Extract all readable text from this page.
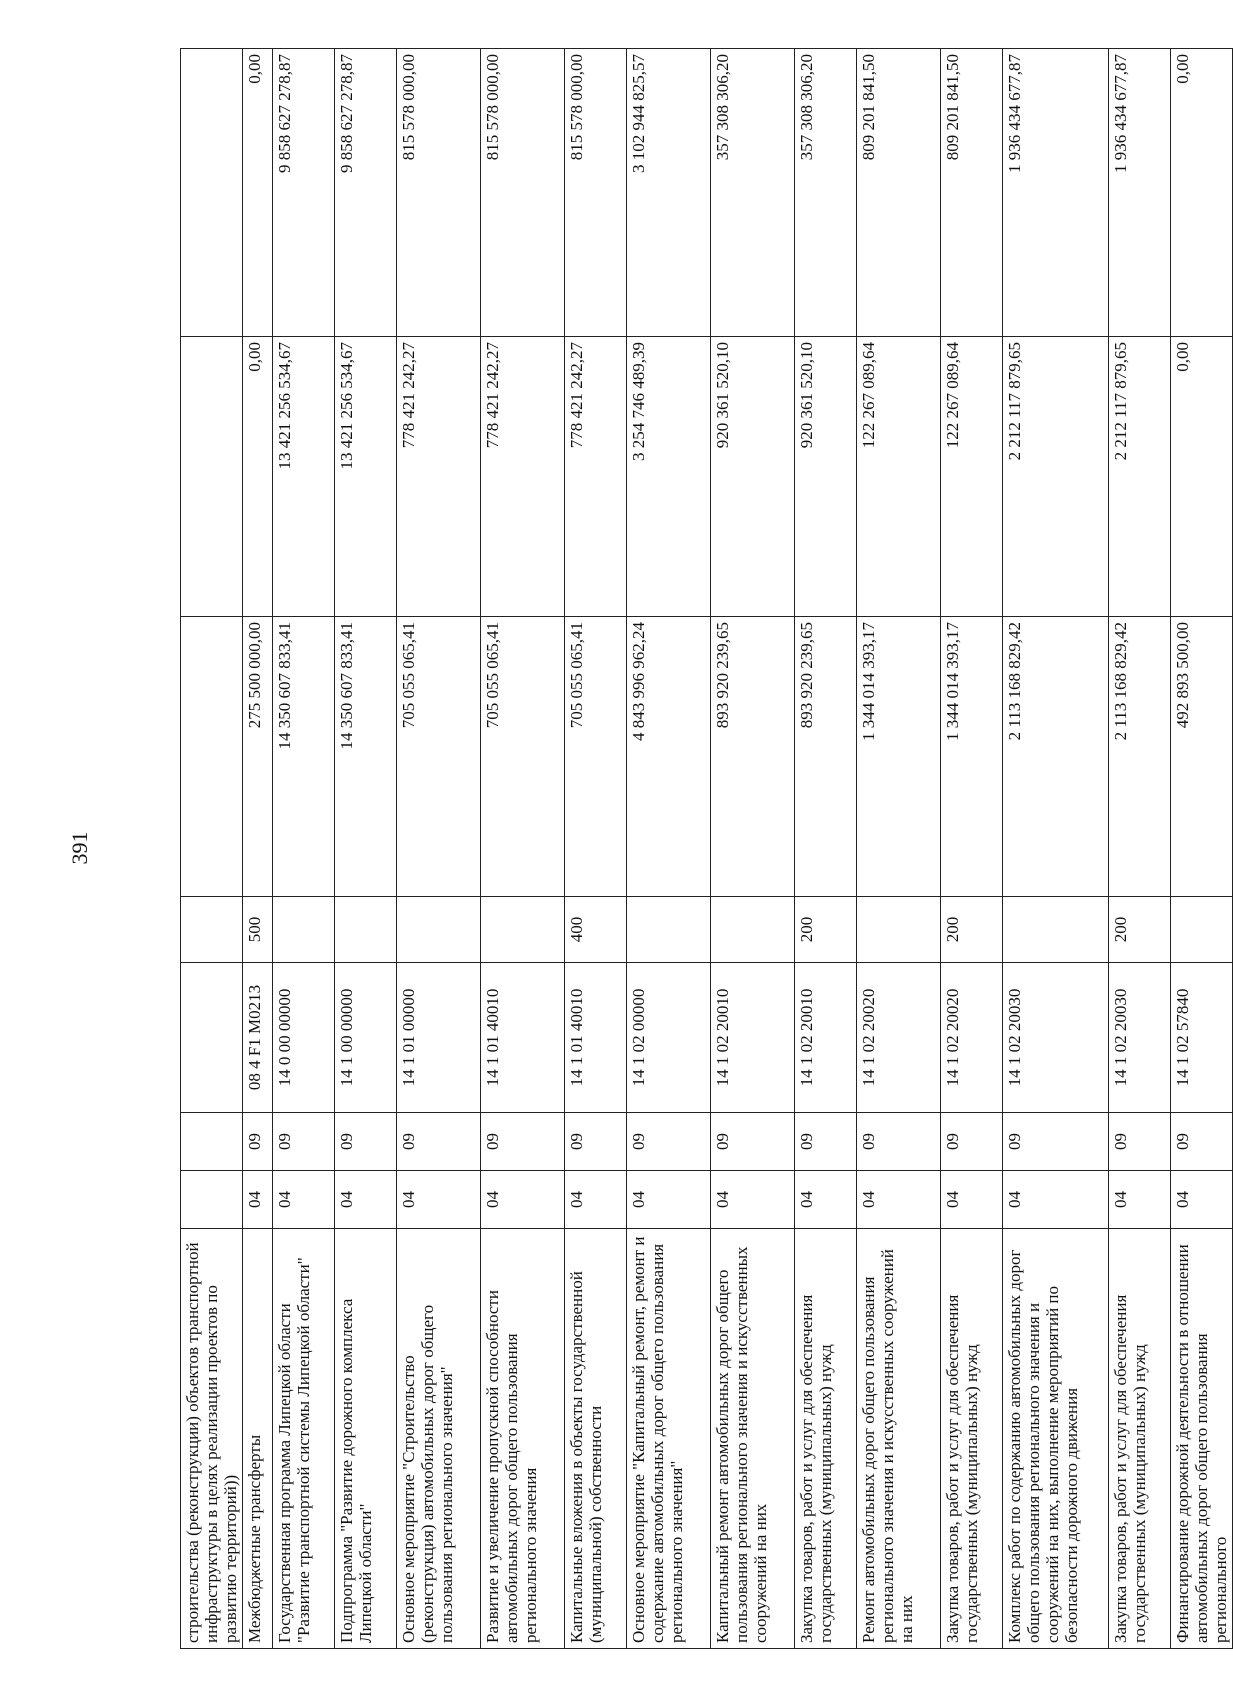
391
строительства (реконструкции) объектов транспортной инфраструктуры в целях реализации проектов по развитию территорий))							
Межбюджетные трансферты	04	09	08 4 F1 M0213	500	275 500 000,00	0,00	0,00
Государственная программа Липецкой области "Развитие транспортной системы Липецкой области"	04	09	14 0 00 00000		14 350 607 833,41	13 421 256 534,67	9 858 627 278,87
Подпрограмма "Развитие дорожного комплекса Липецкой области"	04	09	14 1 00 00000		14 350 607 833,41	13 421 256 534,67	9 858 627 278,87
Основное мероприятие "Строительство (реконструкция) автомобильных дорог общего пользования регионального значения"	04	09	14 1 01 00000		705 055 065,41	778 421 242,27	815 578 000,00
Развитие и увеличение пропускной способности автомобильных дорог общего пользования регионального значения	04	09	14 1 01 40010		705 055 065,41	778 421 242,27	815 578 000,00
Капитальные вложения в объекты государственной (муниципальной) собственности	04	09	14 1 01 40010	400	705 055 065,41	778 421 242,27	815 578 000,00
Основное мероприятие "Капитальный ремонт, ремонт и содержание автомобильных дорог общего пользования регионального значения"	04	09	14 1 02 00000		4 843 996 962,24	3 254 746 489,39	3 102 944 825,57
Капитальный ремонт автомобильных дорог общего пользования регионального значения и искусственных сооружений на них	04	09	14 1 02 20010		893 920 239,65	920 361 520,10	357 308 306,20
Закупка товаров, работ и услуг для обеспечения государственных (муниципальных) нужд	04	09	14 1 02 20010	200	893 920 239,65	920 361 520,10	357 308 306,20
Ремонт автомобильных дорог общего пользования регионального значения и искусственных сооружений на них	04	09	14 1 02 20020		1 344 014 393,17	122 267 089,64	809 201 841,50
Закупка товаров, работ и услуг для обеспечения государственных (муниципальных) нужд	04	09	14 1 02 20020	200	1 344 014 393,17	122 267 089,64	809 201 841,50
Комплекс работ по содержанию автомобильных дорог общего пользования регионального значения и сооружений на них, выполнение мероприятий по безопасности дорожного движения	04	09	14 1 02 20030		2 113 168 829,42	2 212 117 879,65	1 936 434 677,87
Закупка товаров, работ и услуг для обеспечения государственных (муниципальных) нужд	04	09	14 1 02 20030	200	2 113 168 829,42	2 212 117 879,65	1 936 434 677,87
Финансирование дорожной деятельности в отношении автомобильных дорог общего пользования регионального	04	09	14 1 02 57840		492 893 500,00	0,00	0,00
